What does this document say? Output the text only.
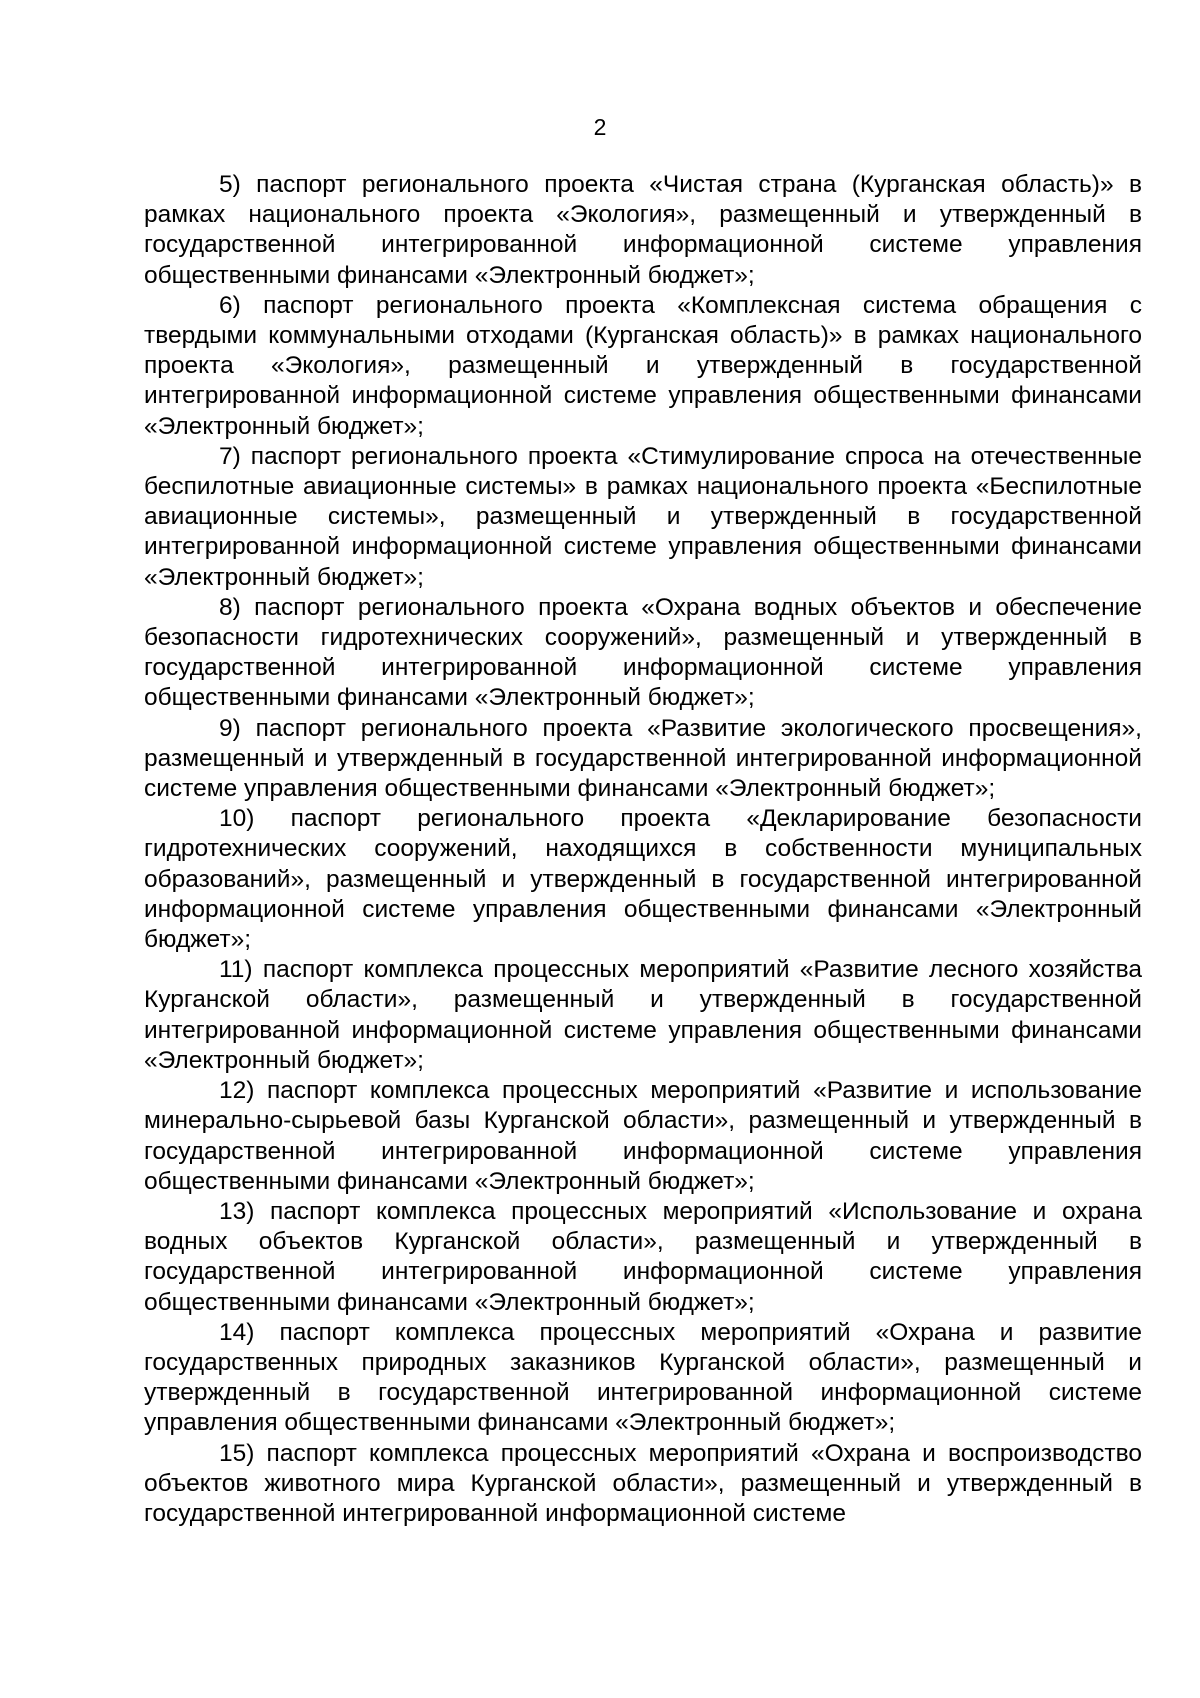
2

5) паспорт регионального проекта «Чистая страна (Курганская область)» в рамках национального проекта «Экология», размещенный и утвержденный в государственной интегрированной информационной системе управления общественными финансами «Электронный бюджет»;

6) паспорт регионального проекта «Комплексная система обращения с твердыми коммунальными отходами (Курганская область)» в рамках национального проекта «Экология», размещенный и утвержденный в государственной интегрированной информационной системе управления общественными финансами «Электронный бюджет»;

7) паспорт регионального проекта «Стимулирование спроса на отечественные беспилотные авиационные системы» в рамках национального проекта «Беспилотные авиационные системы», размещенный и утвержденный в государственной интегрированной информационной системе управления общественными финансами «Электронный бюджет»;

8) паспорт регионального проекта «Охрана водных объектов и обеспечение безопасности гидротехнических сооружений», размещенный и утвержденный в государственной интегрированной информационной системе управления общественными финансами «Электронный бюджет»;

9) паспорт регионального проекта «Развитие экологического просвещения», размещенный и утвержденный в государственной интегрированной информационной системе управления общественными финансами «Электронный бюджет»;

10) паспорт регионального проекта «Декларирование безопасности гидротехнических сооружений, находящихся в собственности муниципальных образований», размещенный и утвержденный в государственной интегрированной информационной системе управления общественными финансами «Электронный бюджет»;

11) паспорт комплекса процессных мероприятий «Развитие лесного хозяйства Курганской области», размещенный и утвержденный в государственной интегрированной информационной системе управления общественными финансами «Электронный бюджет»;

12) паспорт комплекса процессных мероприятий «Развитие и использование минерально-сырьевой базы Курганской области», размещенный и утвержденный в государственной интегрированной информационной системе управления общественными финансами «Электронный бюджет»;

13) паспорт комплекса процессных мероприятий «Использование и охрана водных объектов Курганской области», размещенный и утвержденный в государственной интегрированной информационной системе управления общественными финансами «Электронный бюджет»;

14) паспорт комплекса процессных мероприятий «Охрана и развитие государственных природных заказников Курганской области», размещенный и утвержденный в государственной интегрированной информационной системе управления общественными финансами «Электронный бюджет»;

15) паспорт комплекса процессных мероприятий «Охрана и воспроизводство объектов животного мира Курганской области», размещенный и утвержденный в государственной интегрированной информационной системе
